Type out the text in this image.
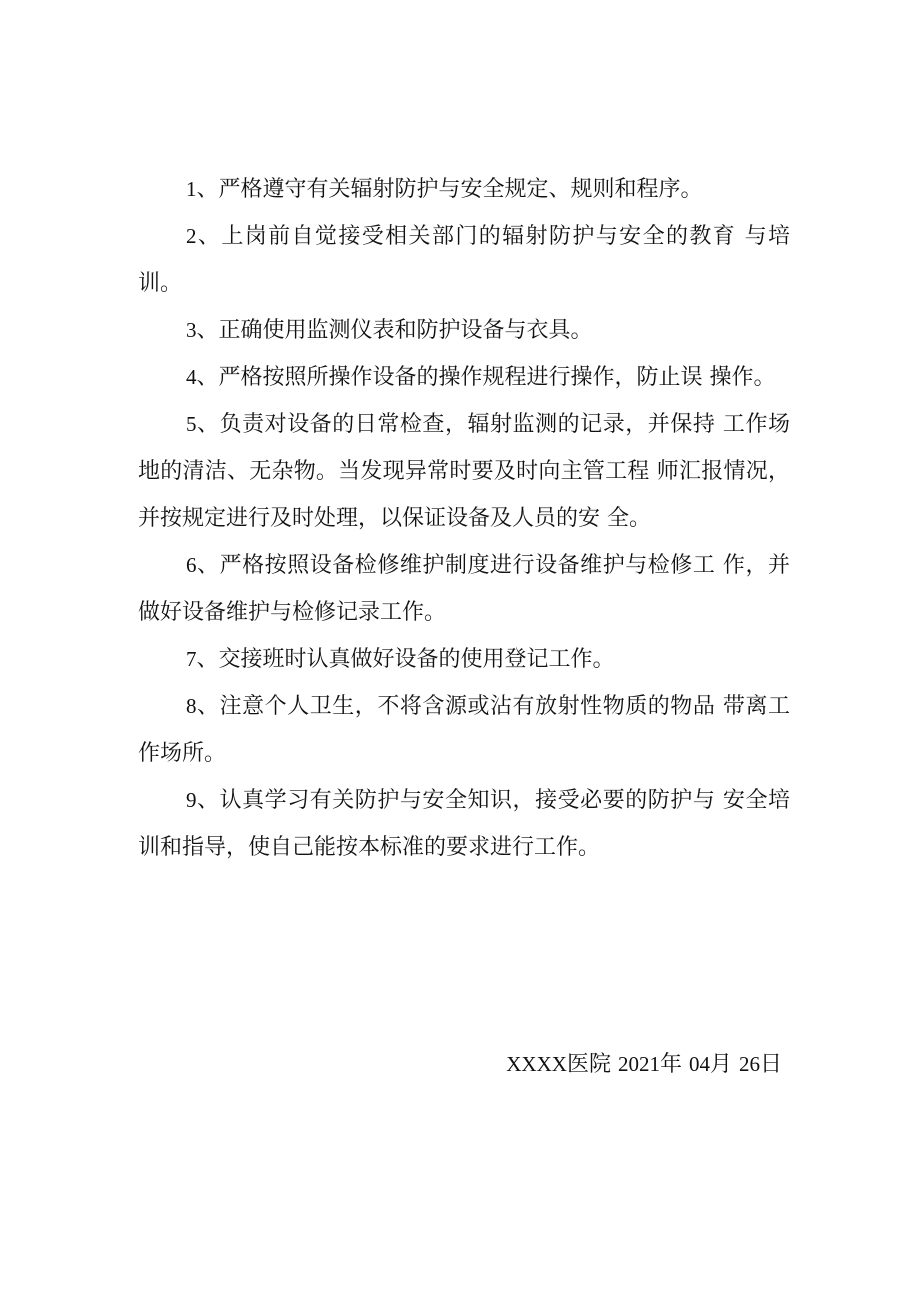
1、严格遵守有关辐射防护与安全规定、规则和程序。

2、上岗前自觉接受相关部门的辐射防护与安全的教育 与培训。

3、正确使用监测仪表和防护设备与衣具。

4、严格按照所操作设备的操作规程进行操作，防止误 操作。

5、负责对设备的日常检查，辐射监测的记录，并保持 工作场地的清洁、无杂物。当发现异常时要及时向主管工程 师汇报情况，并按规定进行及时处理，以保证设备及人员的安 全。

6、严格按照设备检修维护制度进行设备维护与检修工 作，并做好设备维护与检修记录工作。

7、交接班时认真做好设备的使用登记工作。

8、注意个人卫生，不将含源或沾有放射性物质的物品 带离工作场所。

9、认真学习有关防护与安全知识，接受必要的防护与 安全培训和指导，使自己能按本标准的要求进行工作。

XXXX医院 2021年 04月 26日
